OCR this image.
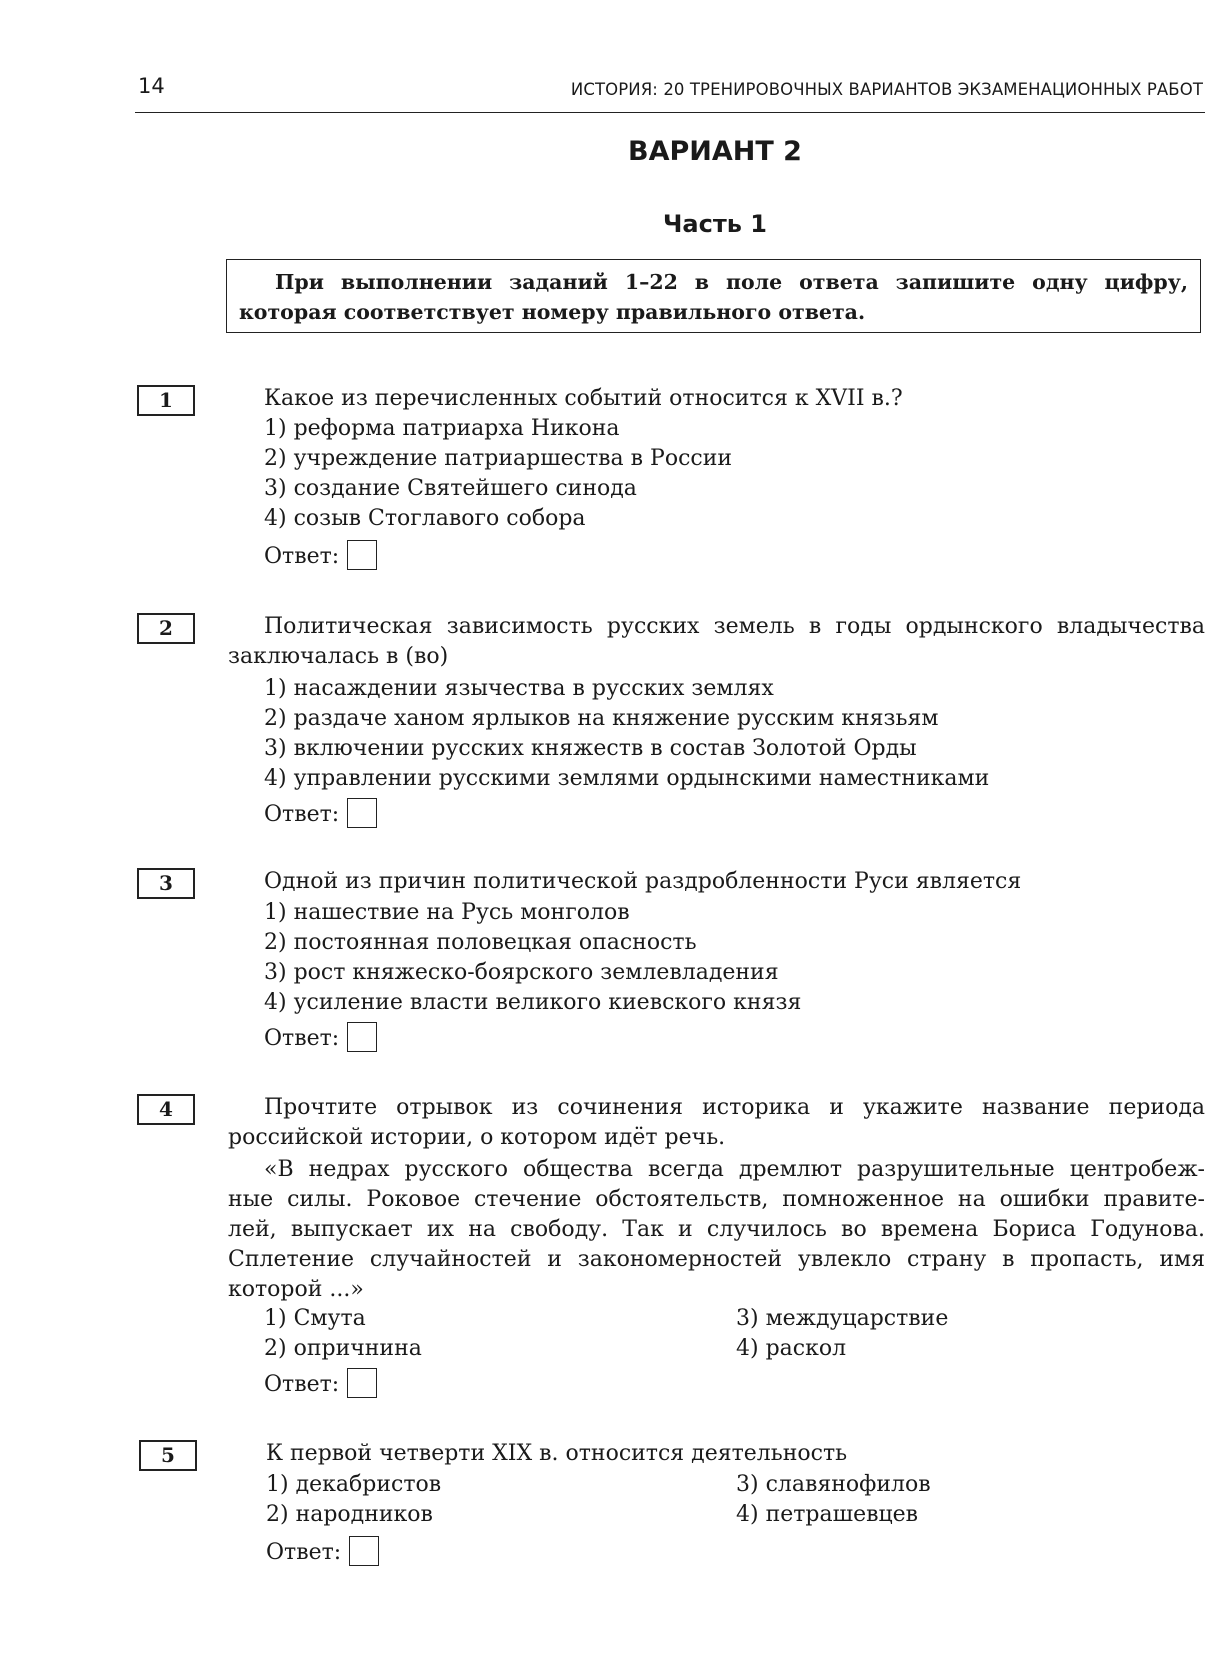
14	ИСТОРИЯ: 20 ТРЕНИРОВОЧНЫХ ВАРИАНТОВ ЭКЗАМЕНАЦИОННЫХ РАБОТ
ВАРИАНТ 2
Часть 1
При выполнении заданий 1–22 в поле ответа запишите одну цифру,
которая соответствует номеру правильного ответа.
1	Какое из перечисленных событий относится к XVII в.?
1) реформа патриарха Никона
2) учреждение патриаршества в России
3) создание Святейшего синода
4) созыв Стоглавого собора
Ответ:
2	Политическая зависимость русских земель в годы ордынского владычества
заключалась в (во)
1) насаждении язычества в русских землях
2) раздаче ханом ярлыков на княжение русским князьям
3) включении русских княжеств в состав Золотой Орды
4) управлении русскими землями ордынскими наместниками
Ответ:
3	Одной из причин политической раздробленности Руси является
1) нашествие на Русь монголов
2) постоянная половецкая опасность
3) рост княжеско-боярского землевладения
4) усиление власти великого киевского князя
Ответ:
4	Прочтите отрывок из сочинения историка и укажите название периода
российской истории, о котором идёт речь.
«В недрах русского общества всегда дремлют разрушительные центробеж-
ные силы. Роковое стечение обстоятельств, помноженное на ошибки правите-
лей, выпускает их на свободу. Так и случилось во времена Бориса Годунова.
Сплетение случайностей и закономерностей увлекло страну в пропасть, имя
которой ...»
1) Смута
2) опричнина
3) междуцарствие
4) раскол
Ответ:
5	К первой четверти XIX в. относится деятельность
1) декабристов
2) народников
3) славянофилов
4) петрашевцев
Ответ:
